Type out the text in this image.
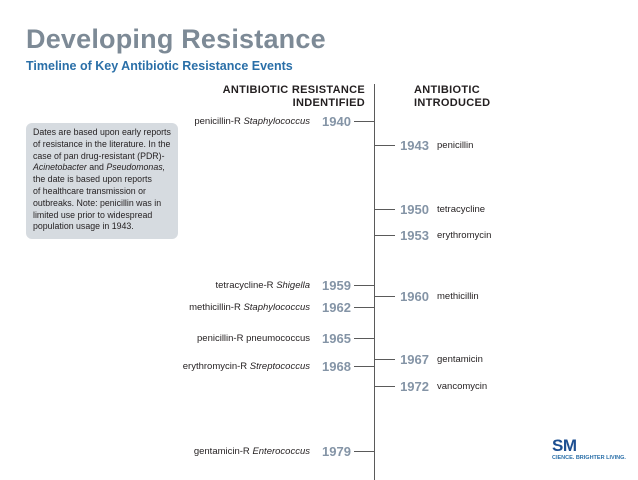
Developing Resistance
Timeline of Key Antibiotic Resistance Events
ANTIBIOTIC RESISTANCE
INDENTIFIED
ANTIBIOTIC
INTRODUCED
Dates are based upon early reports
of resistance in the literature. In the
case of pan drug-resistant (PDR)-
Acinetobacter and Pseudomonas,
the date is based upon reports
of healthcare transmission or
outbreaks. Note: penicillin was in
limited use prior to widespread
population usage in 1943.
penicillin-R Staphylococcus 1940
tetracycline-R Shigella 1959
methicillin-R Staphylococcus 1962
penicillin-R pneumococcus 1965
erythromycin-R Streptococcus 1968
gentamicin-R Enterococcus 1979
1943 penicillin
1950 tetracycline
1953 erythromycin
1960 methicillin
1967 gentamicin
1972 vancomycin
SM
CIENCE. BRIGHTER LIVING.
